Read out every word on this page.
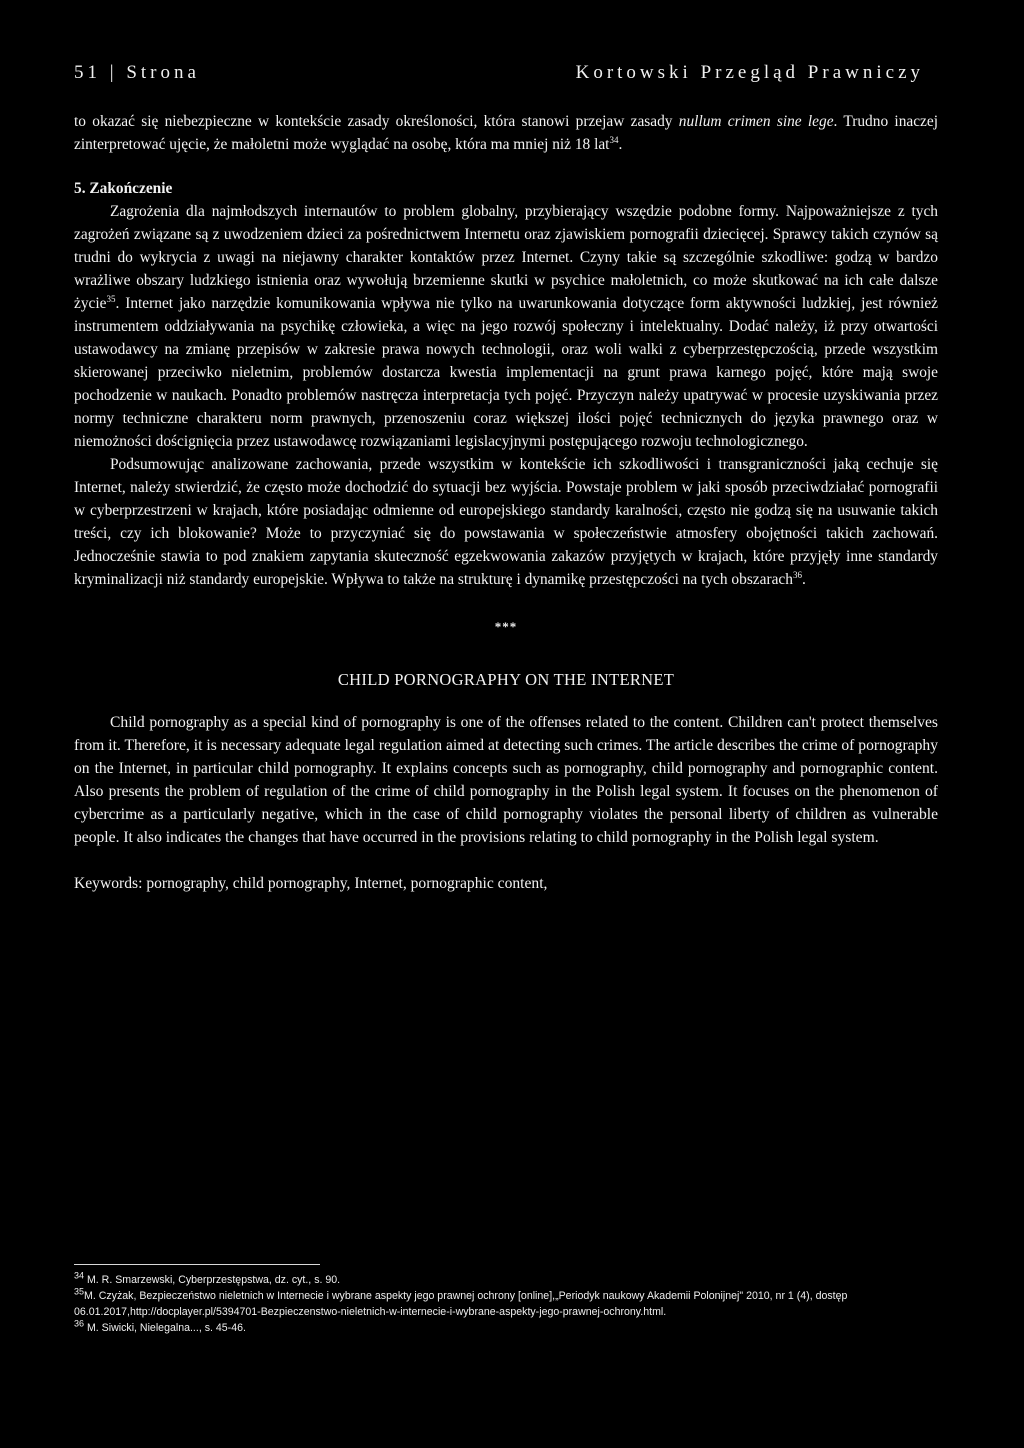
51 | Strona	Kortowski Przegląd Prawniczy

to okazać się niebezpieczne w kontekście zasady określoności, która stanowi przejaw zasady nullum crimen sine lege. Trudno inaczej zinterpretować ujęcie, że małoletni może wyglądać na osobę, która ma mniej niż 18 lat$^{34}$.

5. Zakończenie

Zagrożenia dla najmłodszych internautów to problem globalny, przybierający wszędzie podobne formy. Najpoważniejsze z tych zagrożeń związane są z uwodzeniem dzieci za pośrednictwem Internetu oraz zjawiskiem pornografii dziecięcej. Sprawcy takich czynów są trudni do wykrycia z uwagi na niejawny charakter kontaktów przez Internet. Czyny takie są szczególnie szkodliwe: godzą w bardzo wrażliwe obszary ludzkiego istnienia oraz wywołują brzemienne skutki w psychice małoletnich, co może skutkować na ich całe dalsze życie$^{35}$. Internet jako narzędzie komunikowania wpływa nie tylko na uwarunkowania dotyczące form aktywności ludzkiej, jest również instrumentem oddziaływania na psychikę człowieka, a więc na jego rozwój społeczny i intelektualny. Dodać należy, iż przy otwartości ustawodawcy na zmianę przepisów w zakresie prawa nowych technologii, oraz woli walki z cyberprzestępczością, przede wszystkim skierowanej przeciwko nieletnim, problemów dostarcza kwestia implementacji na grunt prawa karnego pojęć, które mają swoje pochodzenie w naukach. Ponadto problemów nastręcza interpretacja tych pojęć. Przyczyn należy upatrywać w procesie uzyskiwania przez normy techniczne charakteru norm prawnych, przenoszeniu coraz większej ilości pojęć technicznych do języka prawnego oraz w niemożności doścignięcia przez ustawodawcę rozwiązaniami legislacyjnymi postępującego rozwoju technologicznego.

Podsumowując analizowane zachowania, przede wszystkim w kontekście ich szkodliwości i transgraniczności jaką cechuje się Internet, należy stwierdzić, że często może dochodzić do sytuacji bez wyjścia. Powstaje problem w jaki sposób przeciwdziałać pornografii w cyberprzestrzeni w krajach, które posiadając odmienne od europejskiego standardy karalności, często nie godzą się na usuwanie takich treści, czy ich blokowanie? Może to przyczyniać się do powstawania w społeczeństwie atmosfery obojętności takich zachowań. Jednocześnie stawia to pod znakiem zapytania skuteczność egzekwowania zakazów przyjętych w krajach, które przyjęły inne standardy kryminalizacji niż standardy europejskie. Wpływa to także na strukturę i dynamikę przestępczości na tych obszarach$^{36}$.

***

CHILD PORNOGRAPHY ON THE INTERNET

Child pornography as a special kind of pornography is one of the offenses related to the content. Children can't protect themselves from it. Therefore, it is necessary adequate legal regulation aimed at detecting such crimes. The article describes the crime of pornography on the Internet, in particular child pornography. It explains concepts such as pornography, child pornography and pornographic content. Also presents the problem of regulation of the crime of child pornography in the Polish legal system. It focuses on the phenomenon of cybercrime as a particularly negative, which in the case of child pornography violates the personal liberty of children as vulnerable people. It also indicates the changes that have occurred in the provisions relating to child pornography in the Polish legal system.

Keywords: pornography, child pornography, Internet, pornographic content,

$^{34}$ M. R. Smarzewski, Cyberprzestępstwa, dz. cyt., s. 90.

$^{35}$M. Czyżak, Bezpieczeństwo nieletnich w Internecie i wybrane aspekty jego prawnej ochrony [online],„Periodyk naukowy Akademii Polonijnej" 2010, nr 1 (4), dostęp 06.01.2017,http://docplayer.pl/5394701-Bezpieczenstwo-nieletnich-w-internecie-i-wybrane-aspekty-jego-prawnej-ochrony.html.

$^{36}$ M. Siwicki, Nielegalna..., s. 45-46.
